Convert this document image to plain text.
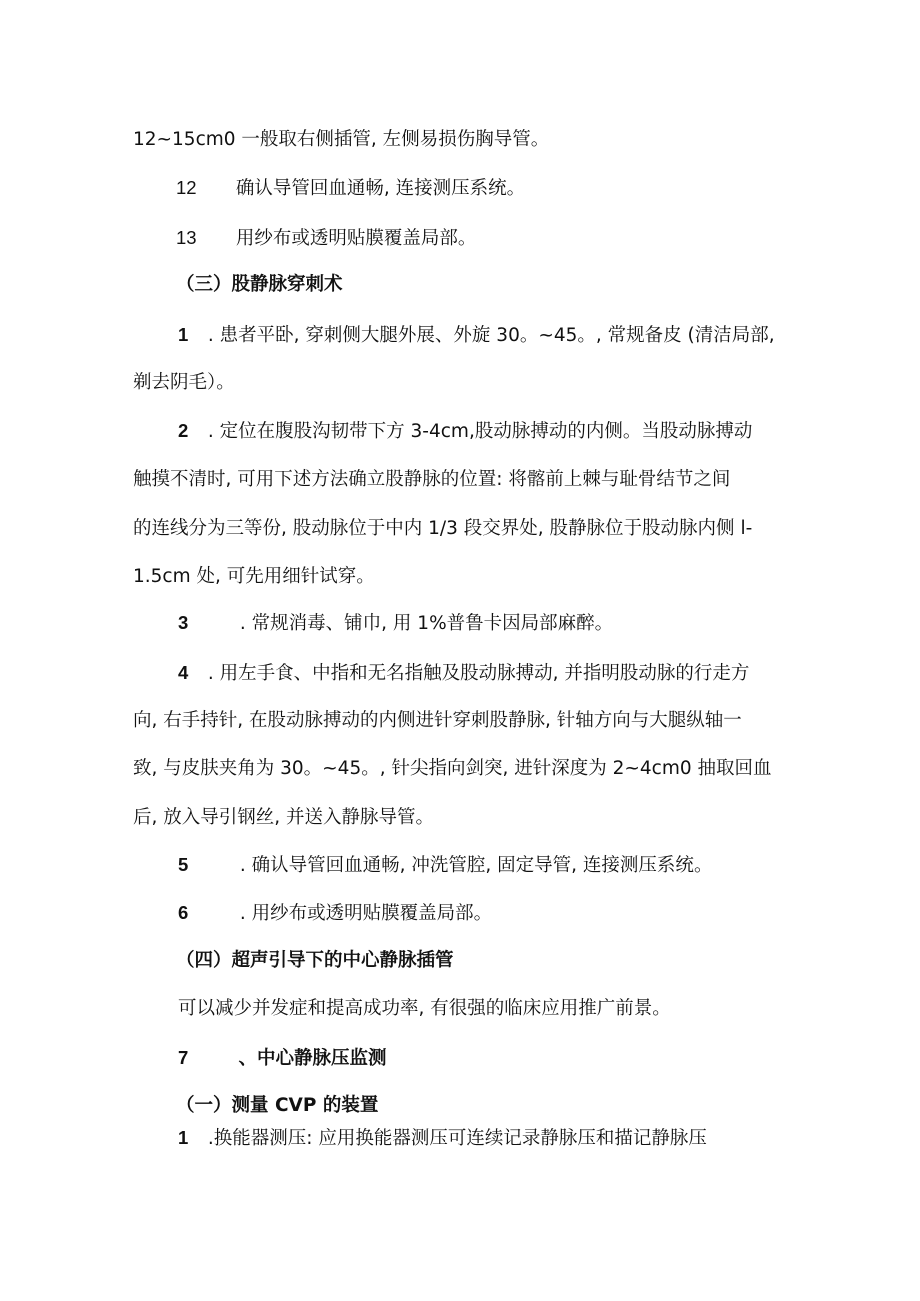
12~15cm0 一般取右侧插管, 左侧易损伤胸导管。
12 确认导管回血通畅, 连接测压系统。
13 用纱布或透明贴膜覆盖局部。
（三）股静脉穿刺术
1 . 患者平卧, 穿刺侧大腿外展、外旋 30。~45。, 常规备皮 (清洁局部,
剃去阴毛）。
2 . 定位在腹股沟韧带下方 3-4cm,股动脉搏动的内侧。当股动脉搏动
触摸不清时, 可用下述方法确立股静脉的位置: 将髂前上棘与耻骨结节之间
的连线分为三等份, 股动脉位于中内 1/3 段交界处, 股静脉位于股动脉内侧 l-
1.5cm 处, 可先用细针试穿。
3	. 常规消毒、铺巾, 用 1%普鲁卡因局部麻醉。
4 . 用左手食、中指和无名指触及股动脉搏动, 并指明股动脉的行走方
向, 右手持针, 在股动脉搏动的内侧进针穿刺股静脉, 针轴方向与大腿纵轴一
致, 与皮肤夹角为 30。~45。, 针尖指向剑突, 进针深度为 2~4cm0 抽取回血
后, 放入导引钢丝, 并送入静脉导管。
5	. 确认导管回血通畅, 冲洗管腔, 固定导管, 连接测压系统。
6	. 用纱布或透明贴膜覆盖局部。
（四）超声引导下的中心静脉插管
可以减少并发症和提高成功率, 有很强的临床应用推广前景。
7	、中心静脉压监测
（一）测量 CVP 的装置
1 .换能器测压: 应用换能器测压可连续记录静脉压和描记静脉压
